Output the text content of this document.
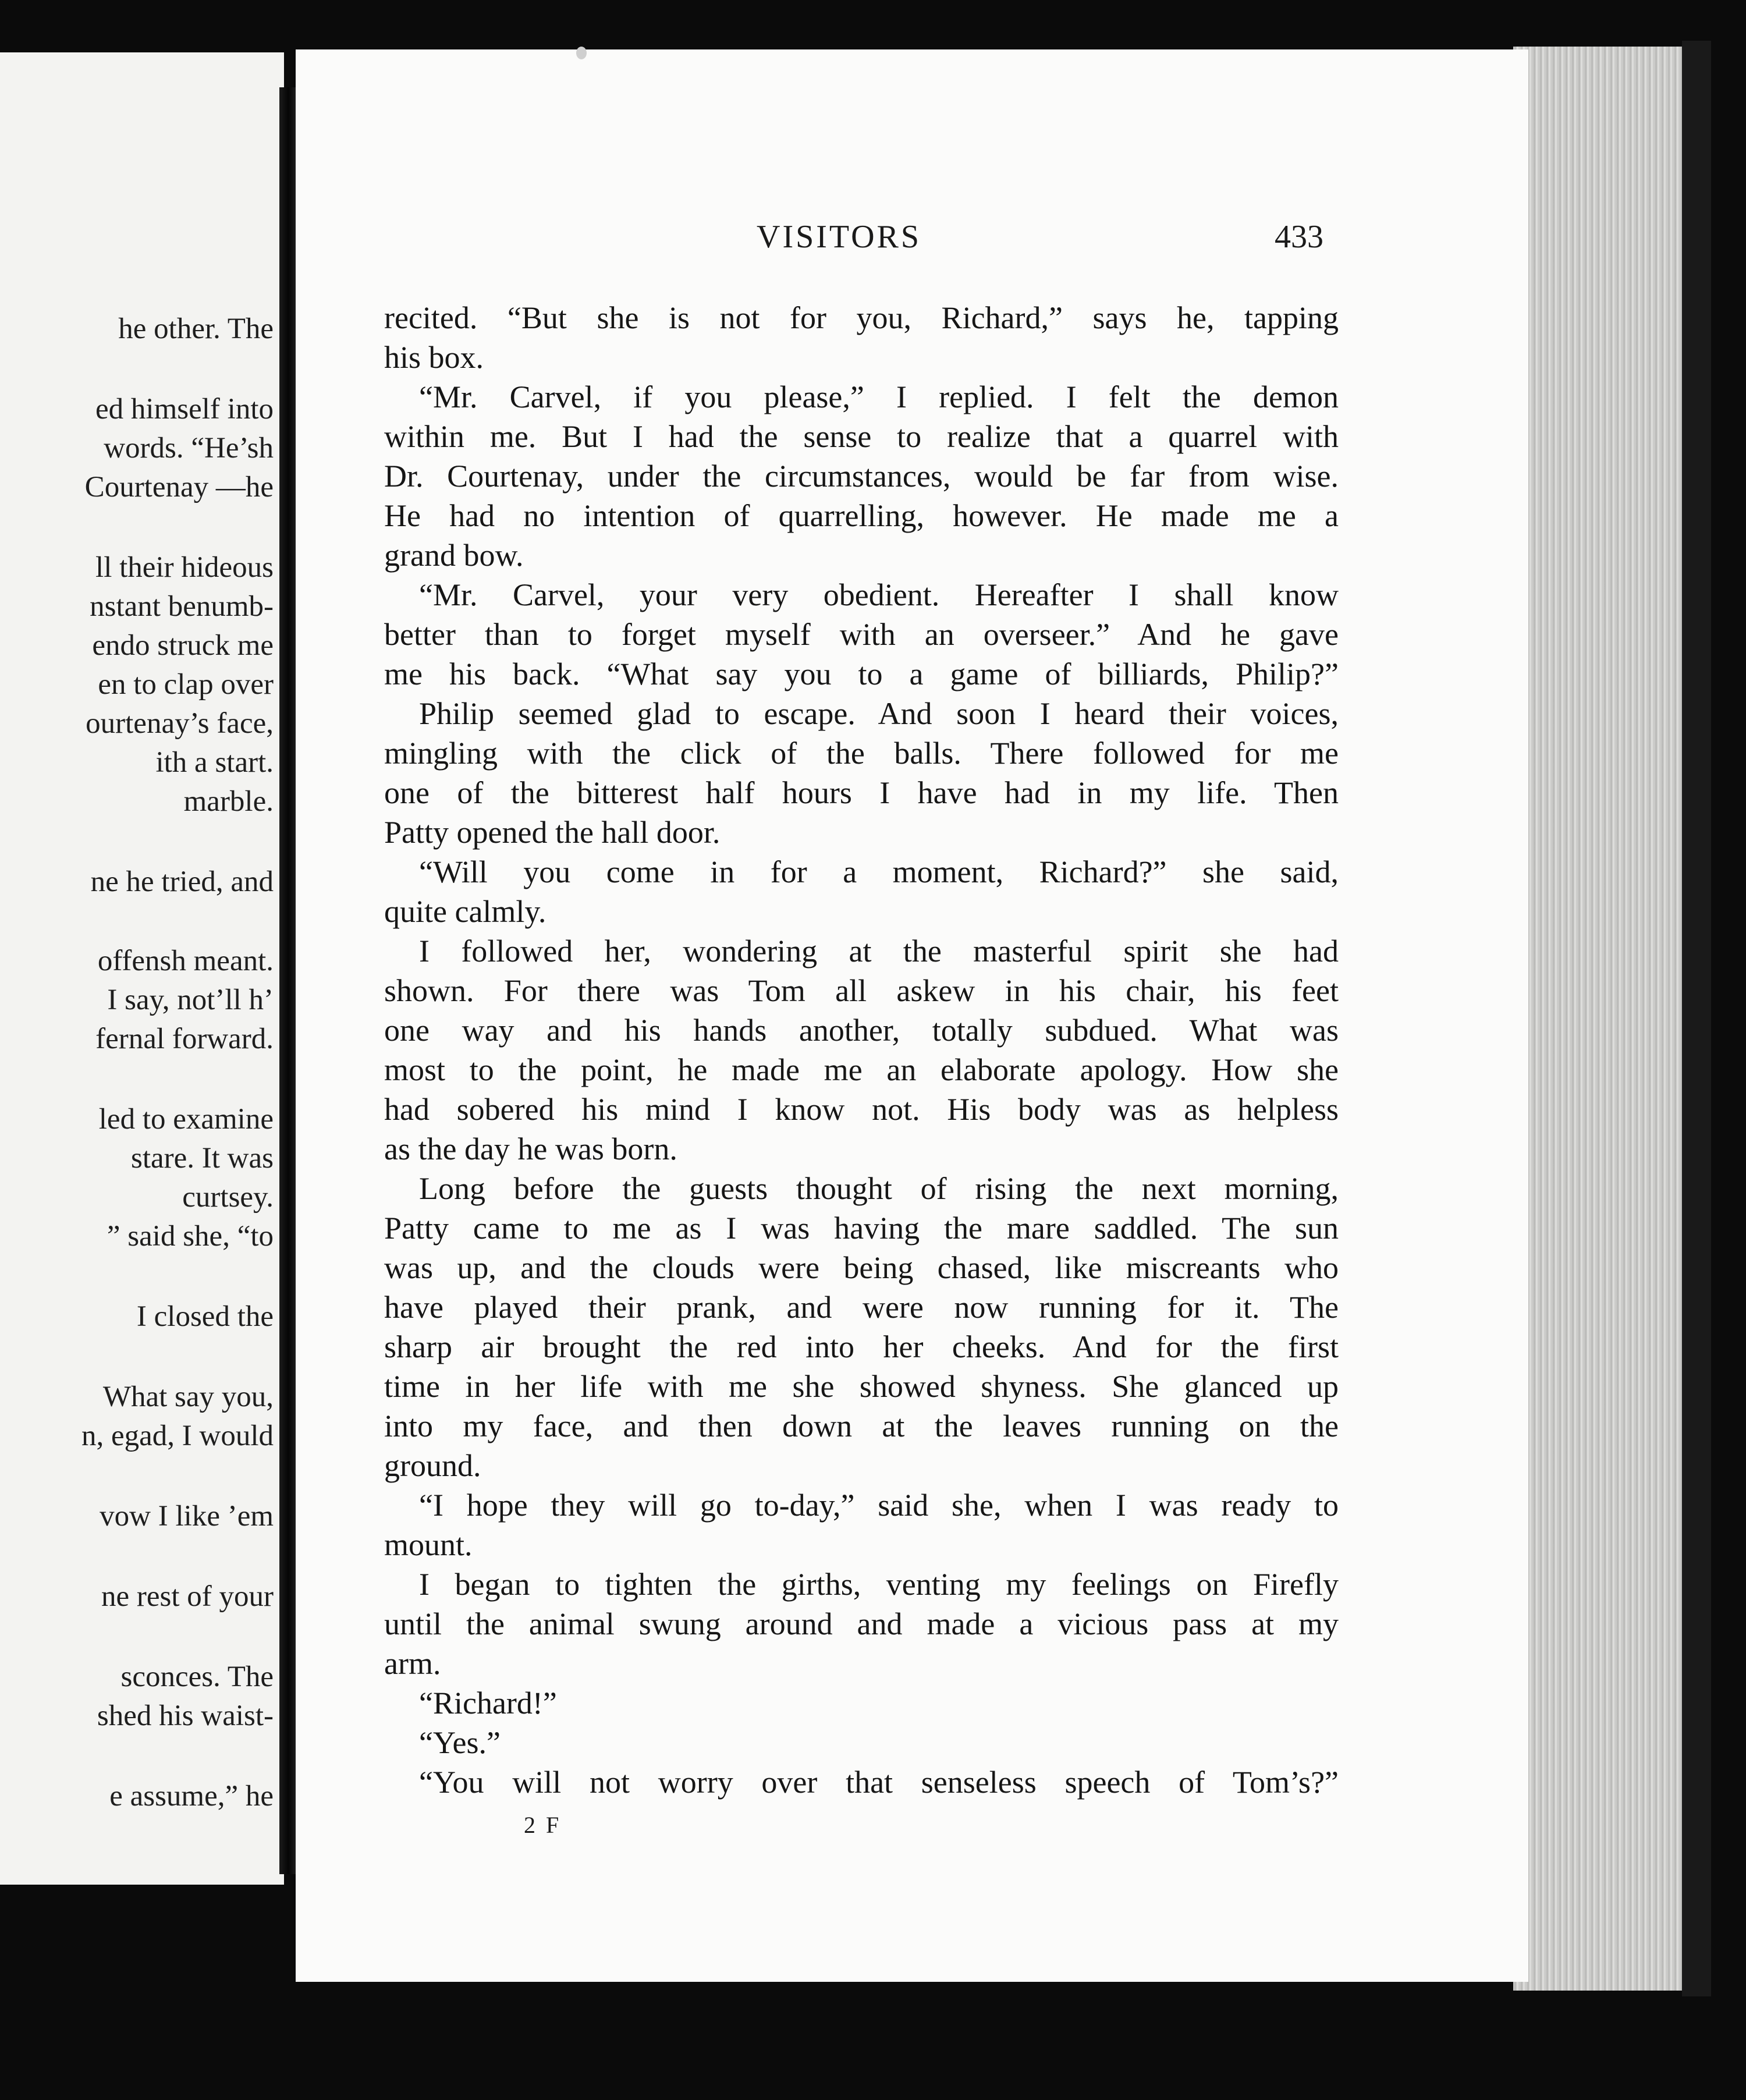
he other. The
ed himself into
words. “He’sh
Courtenay —he
ll their hideous
nstant benumb-
endo struck me
en to clap over
ourtenay’s face,
ith a start.
marble.
ne he tried, and
offensh meant.
I say, not’ll h’
fernal forward.
led to examine
stare. It was
curtsey.
” said she, “to
I closed the
What say you,
n, egad, I would
vow I like ’em
ne rest of your
sconces. The
shed his waist-
e assume,” he
VISITORS	433
recited. “But she is not for you, Richard,” says he, tapping
his box.
“Mr. Carvel, if you please,” I replied. I felt the demon
within me. But I had the sense to realize that a quarrel with
Dr. Courtenay, under the circumstances, would be far from wise.
He had no intention of quarrelling, however. He made me a
grand bow.
“Mr. Carvel, your very obedient. Hereafter I shall know
better than to forget myself with an overseer.” And he gave
me his back. “What say you to a game of billiards, Philip?”
Philip seemed glad to escape. And soon I heard their voices,
mingling with the click of the balls. There followed for me
one of the bitterest half hours I have had in my life. Then
Patty opened the hall door.
“Will you come in for a moment, Richard?” she said,
quite calmly.
I followed her, wondering at the masterful spirit she had
shown. For there was Tom all askew in his chair, his feet
one way and his hands another, totally subdued. What was
most to the point, he made me an elaborate apology. How she
had sobered his mind I know not. His body was as helpless
as the day he was born.
Long before the guests thought of rising the next morning,
Patty came to me as I was having the mare saddled. The sun
was up, and the clouds were being chased, like miscreants who
have played their prank, and were now running for it. The
sharp air brought the red into her cheeks. And for the first
time in her life with me she showed shyness. She glanced up
into my face, and then down at the leaves running on the
ground.
“I hope they will go to-day,” said she, when I was ready to
mount.
I began to tighten the girths, venting my feelings on Firefly
until the animal swung around and made a vicious pass at my
arm.
“Richard!”
“Yes.”
“You will not worry over that senseless speech of Tom’s?”
2 F
